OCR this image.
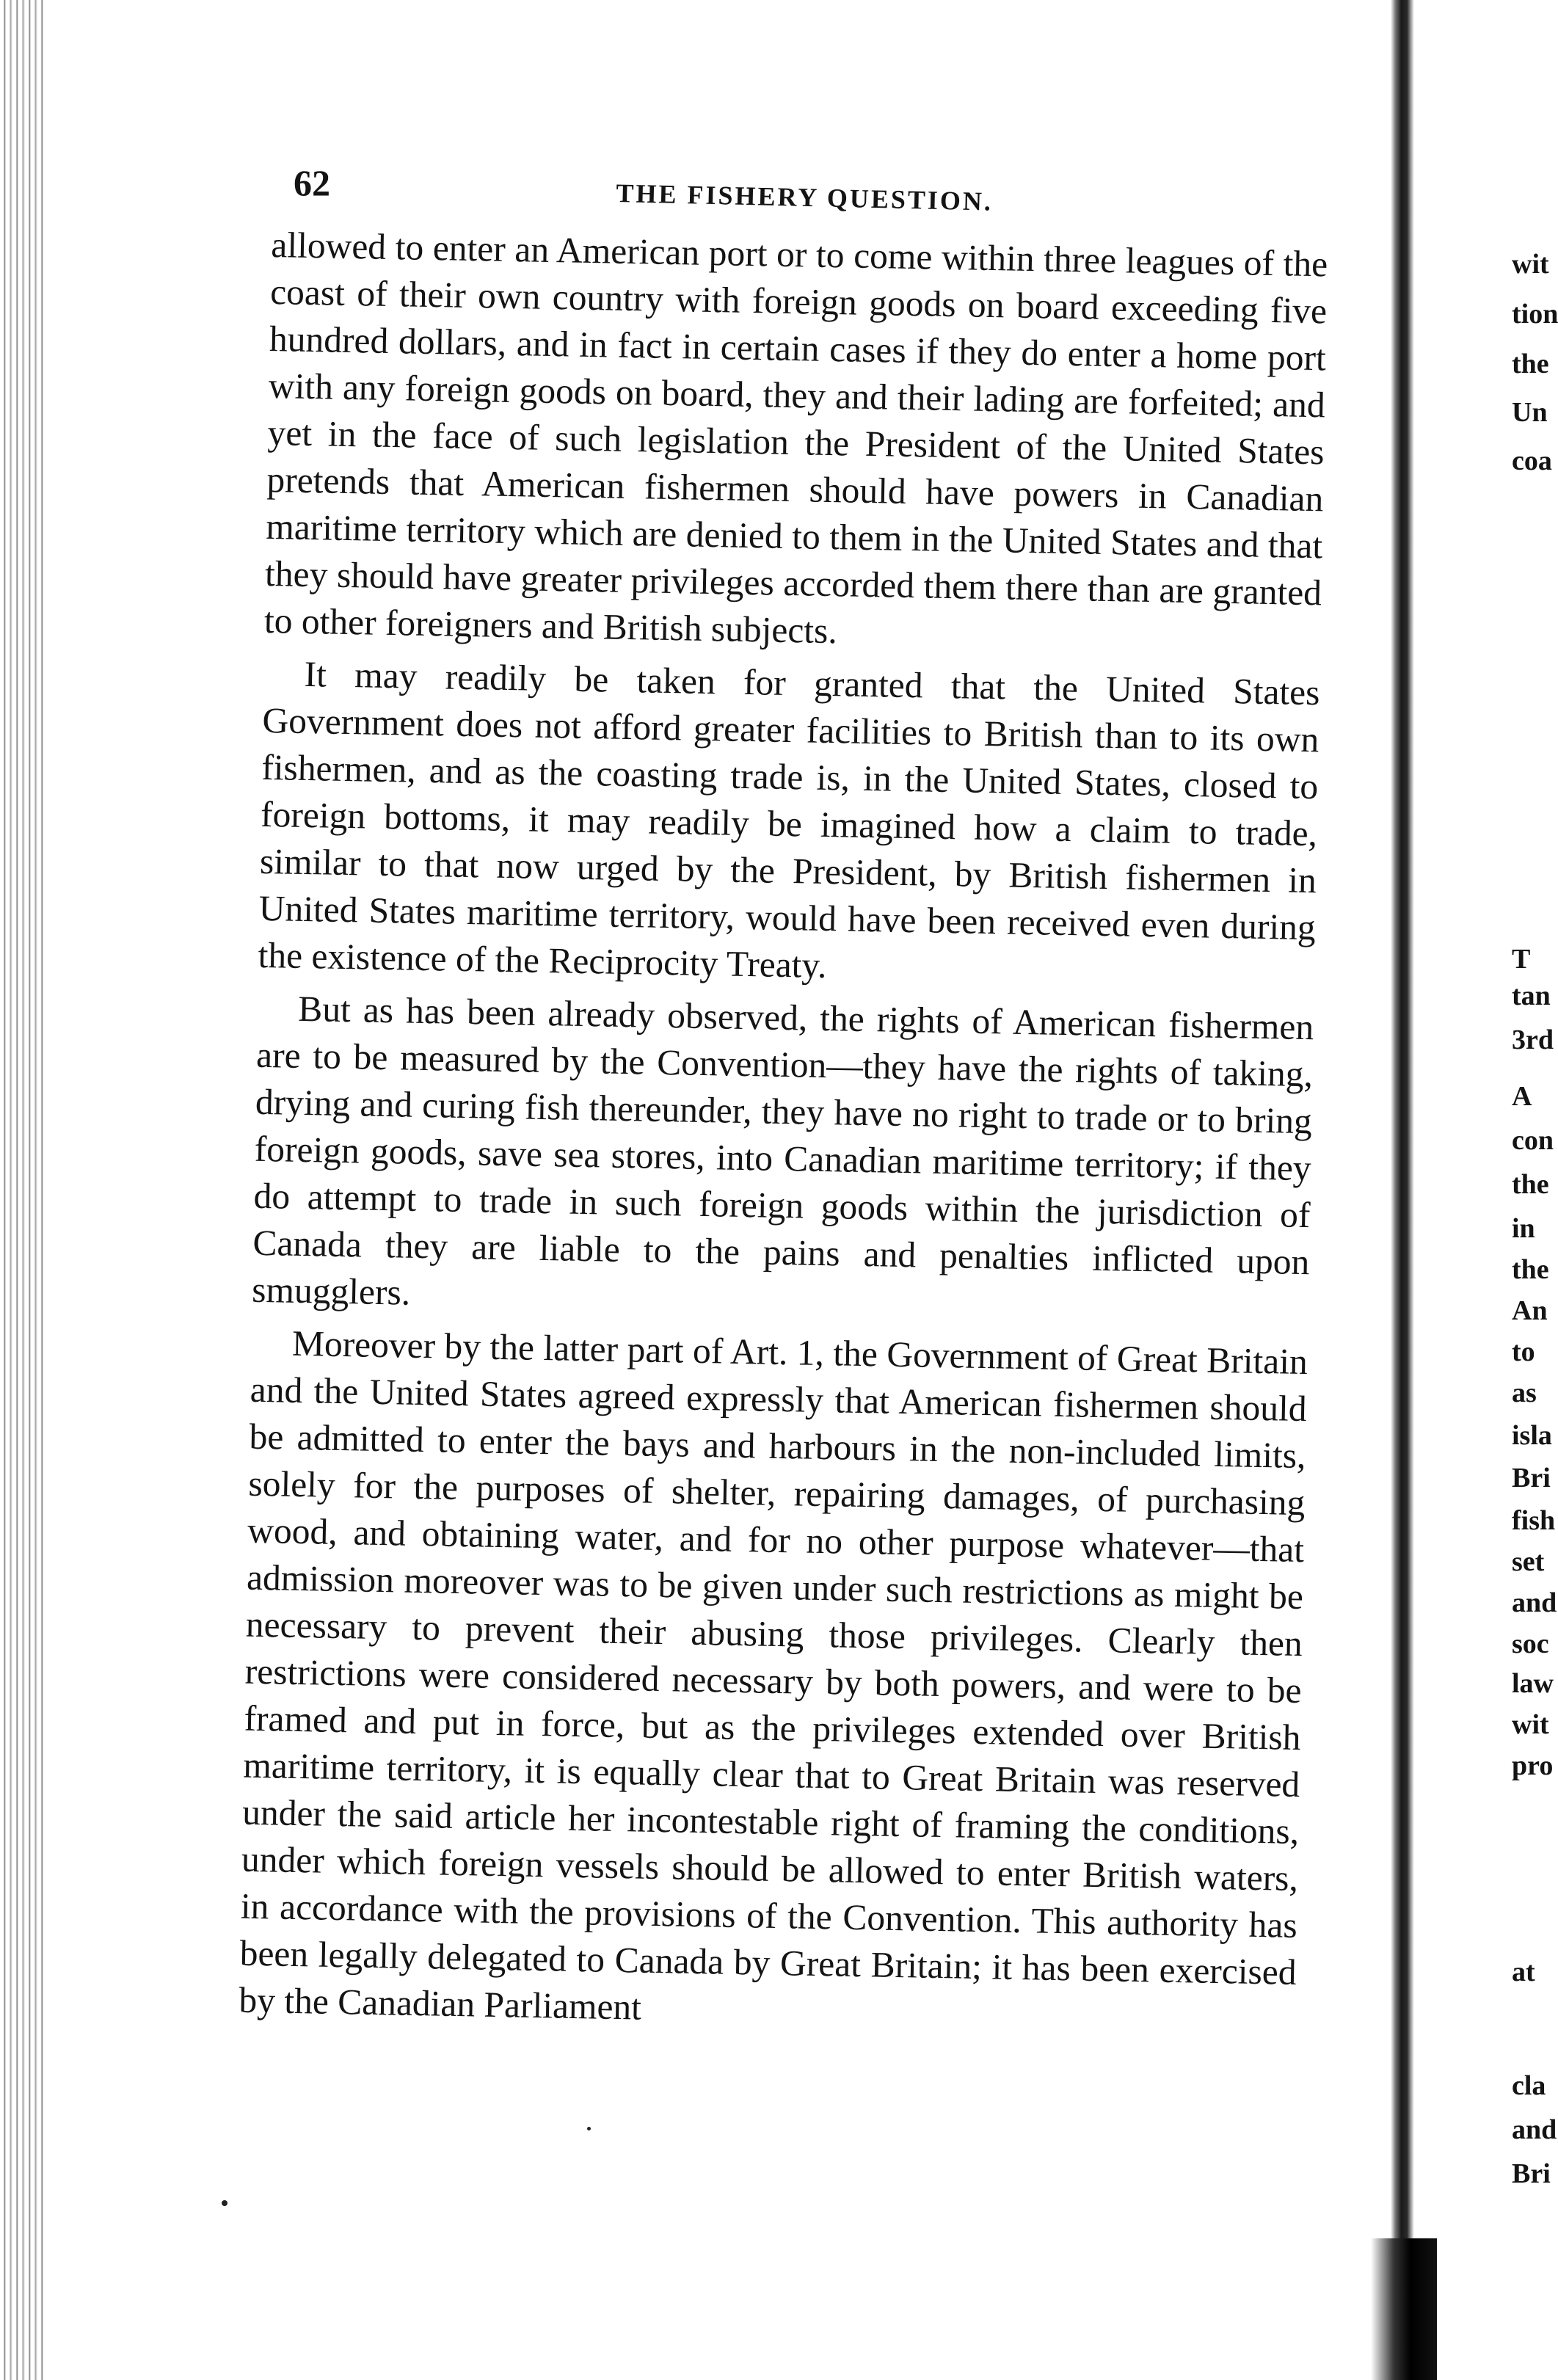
62	THE FISHERY QUESTION.

allowed to enter an American port or to come within three leagues of the coast of their own country with foreign goods on board exceeding five hundred dollars, and in fact in certain cases if they do enter a home port with any foreign goods on board, they and their lading are forfeited; and yet in the face of such legislation the President of the United States pretends that American fishermen should have powers in Canadian maritime territory which are denied to them in the United States and that they should have greater privileges accorded them there than are granted to other foreigners and British subjects.

It may readily be taken for granted that the United States Government does not afford greater facilities to British than to its own fishermen, and as the coasting trade is, in the United States, closed to foreign bottoms, it may readily be imagined how a claim to trade, similar to that now urged by the President, by British fishermen in United States maritime territory, would have been received even during the existence of the Reciprocity Treaty.

But as has been already observed, the rights of American fishermen are to be measured by the Convention—they have the rights of taking, drying and curing fish thereunder, they have no right to trade or to bring foreign goods, save sea stores, into Canadian maritime territory; if they do attempt to trade in such foreign goods within the jurisdiction of Canada they are liable to the pains and penalties inflicted upon smugglers.

Moreover by the latter part of Art. 1, the Government of Great Britain and the United States agreed expressly that American fishermen should be admitted to enter the bays and harbours in the non-included limits, solely for the purposes of shelter, repairing damages, of purchasing wood, and obtaining water, and for no other purpose whatever—that admission moreover was to be given under such restrictions as might be necessary to prevent their abusing those privileges. Clearly then restrictions were considered necessary by both powers, and were to be framed and put in force, but as the privileges extended over British maritime territory, it is equally clear that to Great Britain was reserved under the said article her incontestable right of framing the conditions, under which foreign vessels should be allowed to enter British waters, in accordance with the provisions of the Convention. This authority has been legally delegated to Canada by Great Britain; it has been exercised by the Canadian Parliament

wit
tion
the
Un
coa
T
tan
3rd
A
con
the
in
the
An
to
as
isla
Bri
fish
set
and
soc
law
wit
pro
at
cla
and
Bri
